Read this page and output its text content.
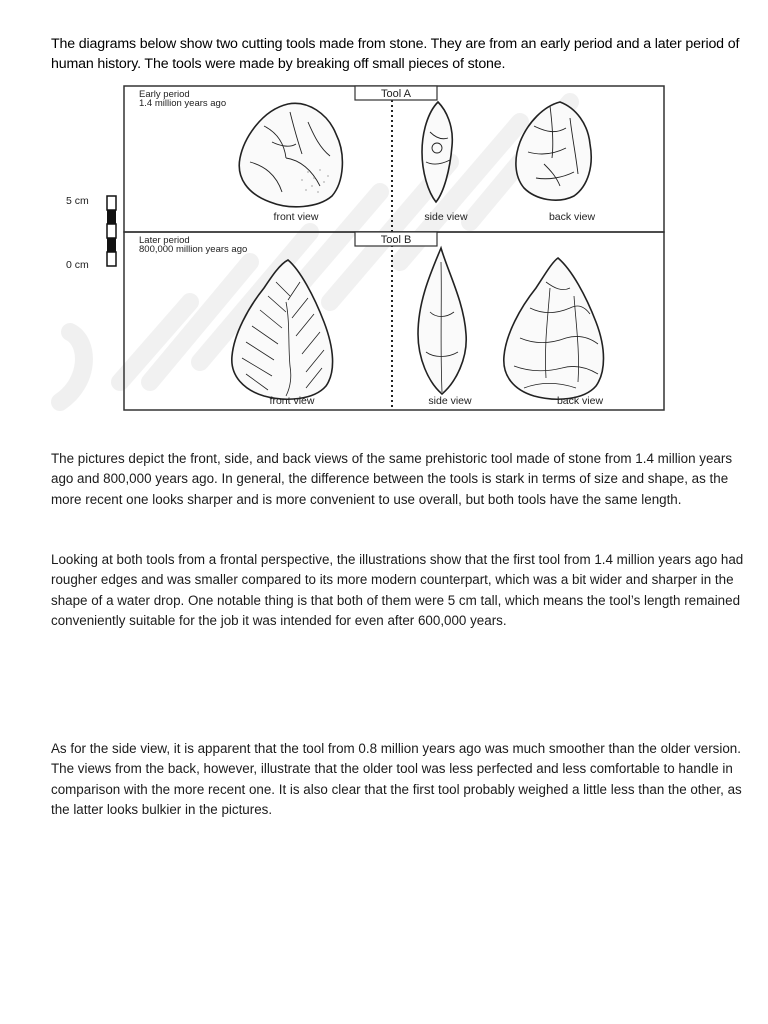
The diagrams below show two cutting tools made from stone. They are from an early period and a later period of human history. The tools were made by breaking off small pieces of stone.
Tool A
Tool B
Early period
1.4 million years ago
Later period
800,000 million years ago
5 cm
0 cm
front view	side view	back view
front view	side view	back view

The pictures depict the front, side, and back views of the same prehistoric tool made of stone from 1.4 million years ago and 800,000 years ago. In general, the difference between the tools is stark in terms of size and shape, as the more recent one looks sharper and is more convenient to use overall, but both tools have the same length.

Looking at both tools from a frontal perspective, the illustrations show that the first tool from 1.4 million years ago had rougher edges and was smaller compared to its more modern counterpart, which was a bit wider and sharper in the shape of a water drop. One notable thing is that both of them were 5 cm tall, which means the tool’s length remained conveniently suitable for the job it was intended for even after 600,000 years.

As for the side view, it is apparent that the tool from 0.8 million years ago was much smoother than the older version. The views from the back, however, illustrate that the older tool was less perfected and less comfortable to handle in comparison with the more recent one. It is also clear that the first tool probably weighed a little less than the other, as the latter looks bulkier in the pictures.
